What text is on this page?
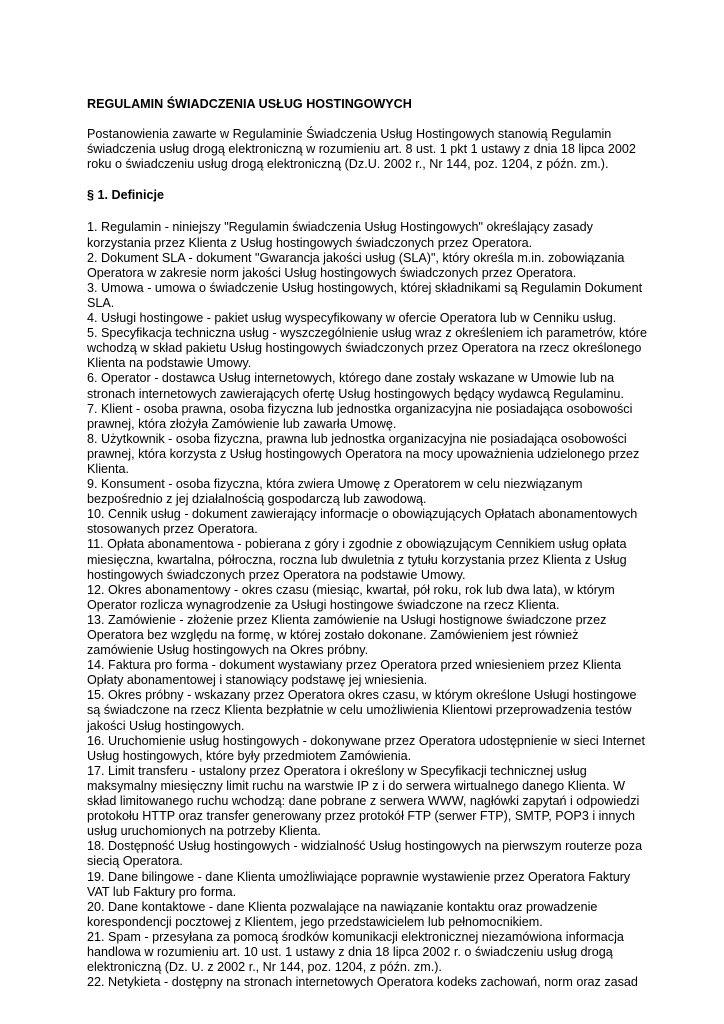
REGULAMIN ŚWIADCZENIA USŁUG HOSTINGOWYCH

Postanowienia zawarte w Regulaminie Świadczenia Usług Hostingowych stanowią Regulamin świadczenia usług drogą elektroniczną w rozumieniu art. 8 ust. 1 pkt 1 ustawy z dnia 18 lipca 2002 roku o świadczeniu usług drogą elektroniczną (Dz.U. 2002 r., Nr 144, poz. 1204, z późn. zm.).

§ 1. Definicje

1. Regulamin - niniejszy "Regulamin świadczenia Usług Hostingowych" określający zasady korzystania przez Klienta z Usług hostingowych świadczonych przez Operatora.

2. Dokument SLA - dokument "Gwarancja jakości usług (SLA)", który określa m.in. zobowiązania Operatora w zakresie norm jakości Usług hostingowych świadczonych przez Operatora.

3. Umowa - umowa o świadczenie Usług hostingowych, której składnikami są Regulamin Dokument SLA.

4. Usługi hostingowe - pakiet usług wyspecyfikowany w ofercie Operatora lub w Cenniku usług.

5. Specyfikacja techniczna usług - wyszczególnienie usług wraz z określeniem ich parametrów, które wchodzą w skład pakietu Usług hostingowych świadczonych przez Operatora na rzecz określonego Klienta na podstawie Umowy.

6. Operator - dostawca Usług internetowych, którego dane zostały wskazane w Umowie lub na stronach internetowych zawierających ofertę Usług hostingowych będący wydawcą Regulaminu.

7. Klient - osoba prawna, osoba fizyczna lub jednostka organizacyjna nie posiadająca osobowości prawnej, która złożyła Zamówienie lub zawarła Umowę.

8. Użytkownik - osoba fizyczna, prawna lub jednostka organizacyjna nie posiadająca osobowości prawnej, która korzysta z Usług hostingowych Operatora na mocy upoważnienia udzielonego przez Klienta.

9. Konsument - osoba fizyczna, która zwiera Umowę z Operatorem w celu niezwiązanym bezpośrednio z jej działalnością gospodarczą lub zawodową.

10. Cennik usług - dokument zawierający informacje o obowiązujących Opłatach abonamentowych stosowanych przez Operatora.

11. Opłata abonamentowa - pobierana z góry i zgodnie z obowiązującym Cennikiem usług opłata miesięczna, kwartalna, półroczna, roczna lub dwuletnia z tytułu korzystania przez Klienta z Usług hostingowych świadczonych przez Operatora na podstawie Umowy.

12. Okres abonamentowy - okres czasu (miesiąc, kwartał, pół roku, rok lub dwa lata), w którym Operator rozlicza wynagrodzenie za Usługi hostingowe świadczone na rzecz Klienta.

13. Zamówienie - złożenie przez Klienta zamówienie na Usługi hostignowe świadczone przez Operatora bez względu na formę, w której zostało dokonane. Zamówieniem jest również zamówienie Usług hostingowych na Okres próbny.

14. Faktura pro forma - dokument wystawiany przez Operatora przed wniesieniem przez Klienta Opłaty abonamentowej i stanowiący podstawę jej wniesienia.

15. Okres próbny - wskazany przez Operatora okres czasu, w którym określone Usługi hostingowe są świadczone na rzecz Klienta bezpłatnie w celu umożliwienia Klientowi przeprowadzenia testów jakości Usług hostingowych.

16. Uruchomienie usług hostingowych - dokonywane przez Operatora udostępnienie w sieci Internet Usług hostingowych, które były przedmiotem Zamówienia.

17. Limit transferu - ustalony przez Operatora i określony w Specyfikacji technicznej usług maksymalny miesięczny limit ruchu na warstwie IP z i do serwera wirtualnego danego Klienta. W skład limitowanego ruchu wchodzą: dane pobrane z serwera WWW, nagłówki zapytań i odpowiedzi protokołu HTTP oraz transfer generowany przez protokół FTP (serwer FTP), SMTP, POP3 i innych usług uruchomionych na potrzeby Klienta.

18. Dostępność Usług hostingowych - widzialność Usług hostingowych na pierwszym routerze poza siecią Operatora.

19. Dane bilingowe - dane Klienta umożliwiające poprawnie wystawienie przez Operatora Faktury VAT lub Faktury pro forma.

20. Dane kontaktowe - dane Klienta pozwalające na nawiązanie kontaktu oraz prowadzenie korespondencji pocztowej z Klientem, jego przedstawicielem lub pełnomocnikiem.

21. Spam - przesyłana za pomocą środków komunikacji elektronicznej niezamówiona informacja handlowa w rozumieniu art. 10 ust. 1 ustawy z dnia 18 lipca 2002 r. o świadczeniu usług drogą elektroniczną (Dz. U. z 2002 r., Nr 144, poz. 1204, z późn. zm.).

22. Netykieta - dostępny na stronach internetowych Operatora kodeks zachowań, norm oraz zasad
